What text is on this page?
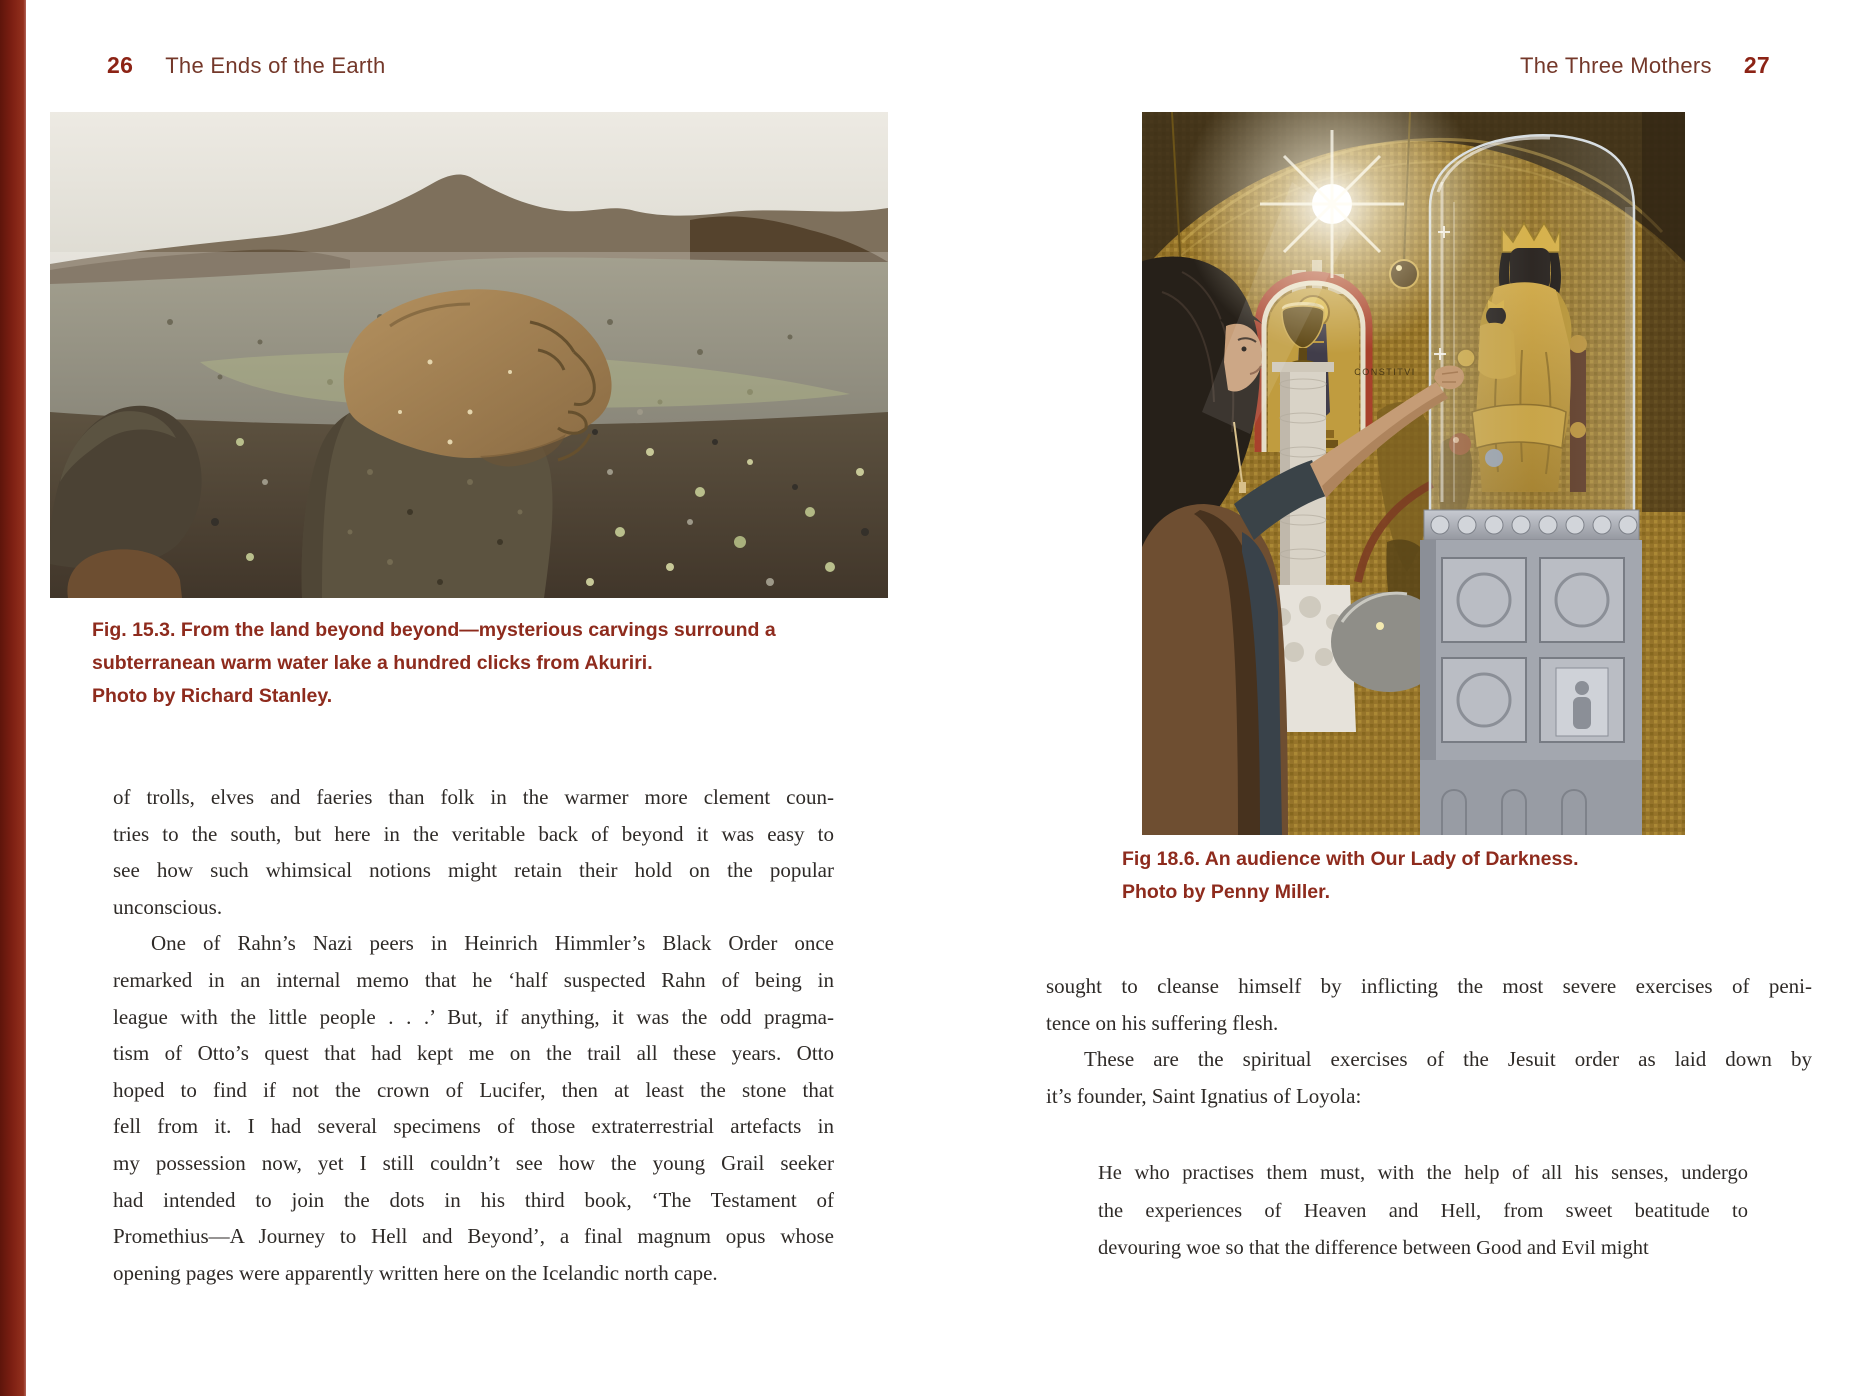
26 The Ends of the Earth
Fig. 15.3. From the land beyond beyond—mysterious carvings surround a
subterranean warm water lake a hundred clicks from Akuriri.
Photo by Richard Stanley.
of trolls, elves and faeries than folk in the warmer more clement coun-
tries to the south, but here in the veritable back of beyond it was easy to
see how such whimsical notions might retain their hold on the popular
unconscious.
One of Rahn’s Nazi peers in Heinrich Himmler’s Black Order once
remarked in an internal memo that he ‘half suspected Rahn of being in
league with the little people . . .’ But, if anything, it was the odd pragma-
tism of Otto’s quest that had kept me on the trail all these years. Otto
hoped to find if not the crown of Lucifer, then at least the stone that
fell from it. I had several specimens of those extraterrestrial artefacts in
my possession now, yet I still couldn’t see how the young Grail seeker
had intended to join the dots in his third book, ‘The Testament of
Promethius—A Journey to Hell and Beyond’, a final magnum opus whose
opening pages were apparently written here on the Icelandic north cape.
The Three Mothers 27
CONSTITVI
Fig 18.6. An audience with Our Lady of Darkness.
Photo by Penny Miller.
sought to cleanse himself by inflicting the most severe exercises of peni-
tence on his suffering flesh.
These are the spiritual exercises of the Jesuit order as laid down by
it’s founder, Saint Ignatius of Loyola:
He who practises them must, with the help of all his senses, undergo
the experiences of Heaven and Hell, from sweet beatitude to
devouring woe so that the difference between Good and Evil might
